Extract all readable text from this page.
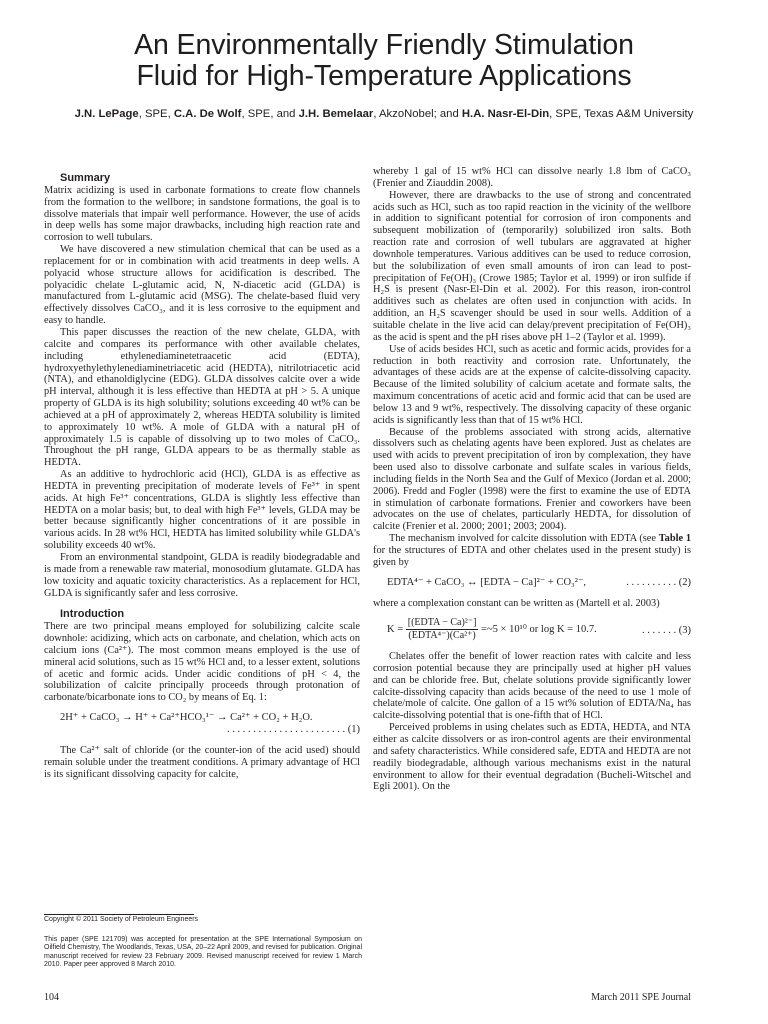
An Environmentally Friendly Stimulation
Fluid for High-Temperature Applications
J.N. LePage, SPE, C.A. De Wolf, SPE, and J.H. Bemelaar, AkzoNobel; and H.A. Nasr-El-Din, SPE, Texas A&M University

Summary

Matrix acidizing is used in carbonate formations to create flow channels from the formation to the wellbore; in sandstone formations, the goal is to dissolve materials that impair well performance. However, the use of acids in deep wells has some major drawbacks, including high reaction rate and corrosion to well tubulars.

We have discovered a new stimulation chemical that can be used as a replacement for or in combination with acid treatments in deep wells. A polyacid whose structure allows for acidification is described. The polyacidic chelate L-glutamic acid, N, N-diacetic acid (GLDA) is manufactured from L-glutamic acid (MSG). The chelate-based fluid very effectively dissolves CaCO₃, and it is less corrosive to the equipment and easy to handle.

This paper discusses the reaction of the new chelate, GLDA, with calcite and compares its performance with other available chelates, including ethylenediaminetetraacetic acid (EDTA), hydroxyethylethylenediaminetriacetic acid (HEDTA), nitrilotriacetic acid (NTA), and ethanoldiglycine (EDG). GLDA dissolves calcite over a wide pH interval, although it is less effective than HEDTA at pH > 5. A unique property of GLDA is its high solubility; solutions exceeding 40 wt% can be achieved at a pH of approximately 2, whereas HEDTA solubility is limited to approximately 10 wt%. A mole of GLDA with a natural pH of approximately 1.5 is capable of dissolving up to two moles of CaCO₃. Throughout the pH range, GLDA appears to be as thermally stable as HEDTA.

As an additive to hydrochloric acid (HCl), GLDA is as effective as HEDTA in preventing precipitation of moderate levels of Fe³⁺ in spent acids. At high Fe³⁺ concentrations, GLDA is slightly less effective than HEDTA on a molar basis; but, to deal with high Fe³⁺ levels, GLDA may be better because significantly higher concentrations of it are possible in various acids. In 28 wt% HCl, HEDTA has limited solubility while GLDA's solubility exceeds 40 wt%.

From an environmental standpoint, GLDA is readily biodegradable and is made from a renewable raw material, monosodium glutamate. GLDA has low toxicity and aquatic toxicity characteristics. As a replacement for HCl, GLDA is significantly safer and less corrosive.

Introduction

There are two principal means employed for solubilizing calcite scale downhole: acidizing, which acts on carbonate, and chelation, which acts on calcium ions (Ca²⁺). The most common means employed is the use of mineral acid solutions, such as 15 wt% HCl and, to a lesser extent, solutions of acetic and formic acids. Under acidic conditions of pH < 4, the solubilization of calcite principally proceeds through protonation of carbonate/bicarbonate ions to CO₂ by means of Eq. 1:

2H⁺ + CaCO₃ → H⁺ + Ca²⁺HCO₃¹⁻ → Ca²⁺ + CO₂ + H₂O.
. . . . . . . . . . . . . . . . . . . . . . . (1)

The Ca²⁺ salt of chloride (or the counter-ion of the acid used) should remain soluble under the treatment conditions. A primary advantage of HCl is its significant dissolving capacity for calcite,

whereby 1 gal of 15 wt% HCl can dissolve nearly 1.8 lbm of CaCO₃ (Frenier and Ziauddin 2008).

However, there are drawbacks to the use of strong and concentrated acids such as HCl, such as too rapid reaction in the vicinity of the wellbore in addition to significant potential for corrosion of iron components and subsequent mobilization of (temporarily) solubilized iron salts. Both reaction rate and corrosion of well tubulars are aggravated at higher downhole temperatures. Various additives can be used to reduce corrosion, but the solubilization of even small amounts of iron can lead to post-precipitation of Fe(OH)₃ (Crowe 1985; Taylor et al. 1999) or iron sulfide if H₂S is present (Nasr-El-Din et al. 2002). For this reason, iron-control additives such as chelates are often used in conjunction with acids. In addition, an H₂S scavenger should be used in sour wells. Addition of a suitable chelate in the live acid can delay/prevent precipitation of Fe(OH)₃ as the acid is spent and the pH rises above pH 1–2 (Taylor et al. 1999).

Use of acids besides HCl, such as acetic and formic acids, provides for a reduction in both reactivity and corrosion rate. Unfortunately, the advantages of these acids are at the expense of calcite-dissolving capacity. Because of the limited solubility of calcium acetate and formate salts, the maximum concentrations of acetic acid and formic acid that can be used are below 13 and 9 wt%, respectively. The dissolving capacity of these organic acids is significantly less than that of 15 wt% HCl.

Because of the problems associated with strong acids, alternative dissolvers such as chelating agents have been explored. Just as chelates are used with acids to prevent precipitation of iron by complexation, they have been used also to dissolve carbonate and sulfate scales in various fields, including fields in the North Sea and the Gulf of Mexico (Jordan et al. 2000; 2006). Fredd and Fogler (1998) were the first to examine the use of EDTA in stimulation of carbonate formations. Frenier and coworkers have been advocates on the use of chelates, particularly HEDTA, for dissolution of calcite (Frenier et al. 2000; 2001; 2003; 2004).

The mechanism involved for calcite dissolution with EDTA (see Table 1 for the structures of EDTA and other chelates used in the present study) is given by

EDTA⁴⁻ + CaCO₃ ↔ [EDTA − Ca]²⁻ + CO₃²⁻,	. . . . . . . . . . (2)

where a complexation constant can be written as (Martell et al. 2003)

$K = \frac{\text{[(EDTA − Ca)²⁻]}}{\text{(EDTA⁴⁻)(Ca²⁺)}}$ =~5 × 10¹⁰ or log K = 10.7.	. . . . . . . (3)

Chelates offer the benefit of lower reaction rates with calcite and less corrosion potential because they are principally used at higher pH values and can be chloride free. But, chelate solutions provide significantly lower calcite-dissolving capacity than acids because of the need to use 1 mole of chelate/mole of calcite. One gallon of a 15 wt% solution of EDTA/Na₄ has calcite-dissolving potential that is one-fifth that of HCl.

Perceived problems in using chelates such as EDTA, HEDTA, and NTA either as calcite dissolvers or as iron-control agents are their environmental and safety characteristics. While considered safe, EDTA and HEDTA are not readily biodegradable, although various mechanisms exist in the natural environment to allow for their eventual degradation (Bucheli-Witschel and Egli 2001). On the

Copyright © 2011 Society of Petroleum Engineers
This paper (SPE 121709) was accepted for presentation at the SPE International Symposium on Oilfield Chemistry, The Woodlands, Texas, USA, 20–22 April 2009, and revised for publication. Original manuscript received for review 23 February 2009. Revised manuscript received for review 1 March 2010. Paper peer approved 8 March 2010.
104	March 2011 SPE Journal
